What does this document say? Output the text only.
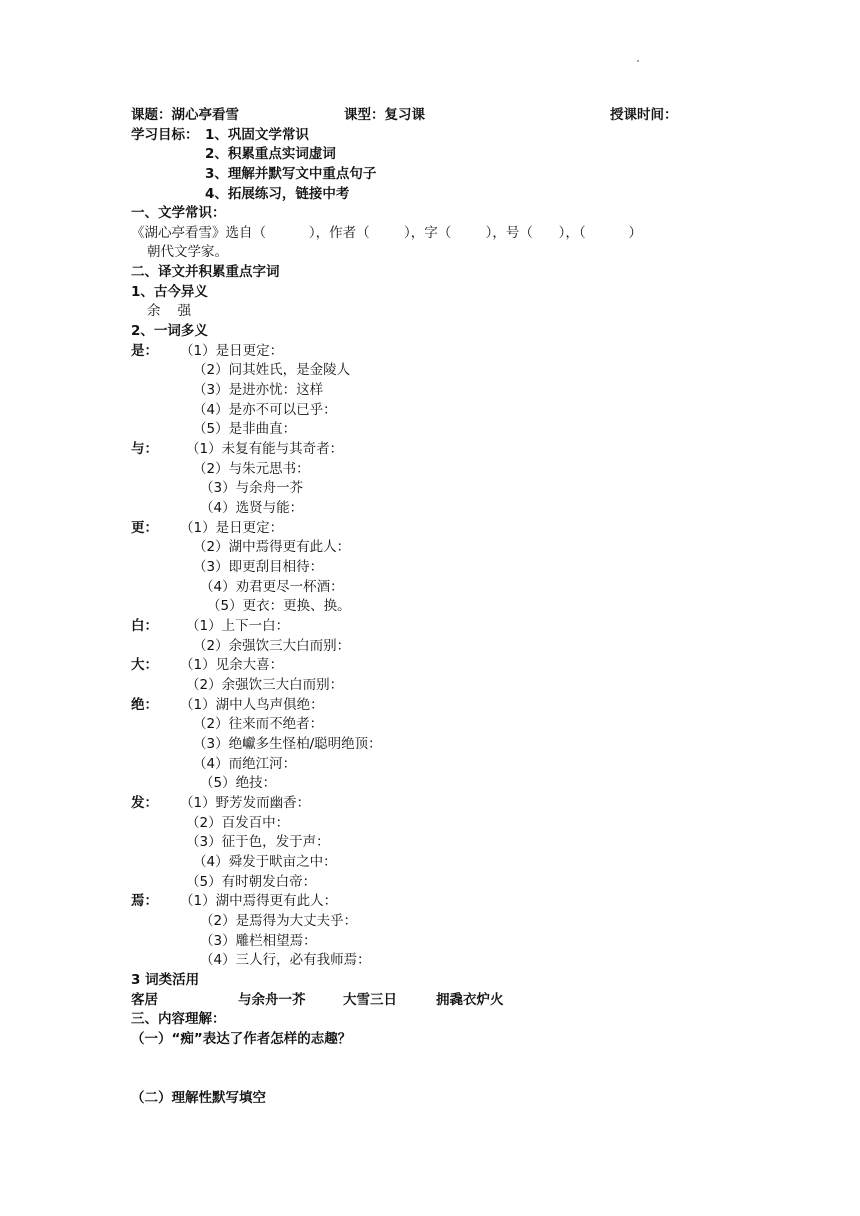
课题：湖心亭看雪	课型：复习课	授课时间：
学习目标： 1、巩固文学常识
2、积累重点实词虚词
3、理解并默写文中重点句子
4、拓展练习，链接中考
一、文学常识：
《湖心亭看雪》选自（          ），作者（        ），字（        ），号（      ），（          ）
朝代文学家。
二、译文并积累重点字词
1、古今异义
余    强
2、一词多义
是： （1）是日更定：
（2）问其姓氏，是金陵人
（3）是进亦忧：这样
（4）是亦不可以已乎：
（5）是非曲直：
与： （1）未复有能与其奇者：
（2）与朱元思书：
（3）与余舟一芥
（4）选贤与能：
更： （1）是日更定：
（2）湖中焉得更有此人：
（3）即更刮目相待：
（4）劝君更尽一杯酒：
（5）更衣：更换、换。
白： （1）上下一白：
（2）余强饮三大白而别：
大： （1）见余大喜：
（2）余强饮三大白而别：
绝： （1）湖中人鸟声俱绝：
（2）往来而不绝者：
（3）绝巘多生怪柏/聪明绝顶：
（4）而绝江河：
（5）绝技：
发： （1）野芳发而幽香：
（2）百发百中：
（3）征于色，发于声：
（4）舜发于畎亩之中：
（5）有时朝发白帝：
焉： （1）湖中焉得更有此人：
（2）是焉得为大丈夫乎：
（3）雕栏相望焉：
（4）三人行，必有我师焉：
3 词类活用
客居	与余舟一芥	大雪三日	拥毳衣炉火
三、内容理解：
（一）“痴”表达了作者怎样的志趣？
（二）理解性默写填空
